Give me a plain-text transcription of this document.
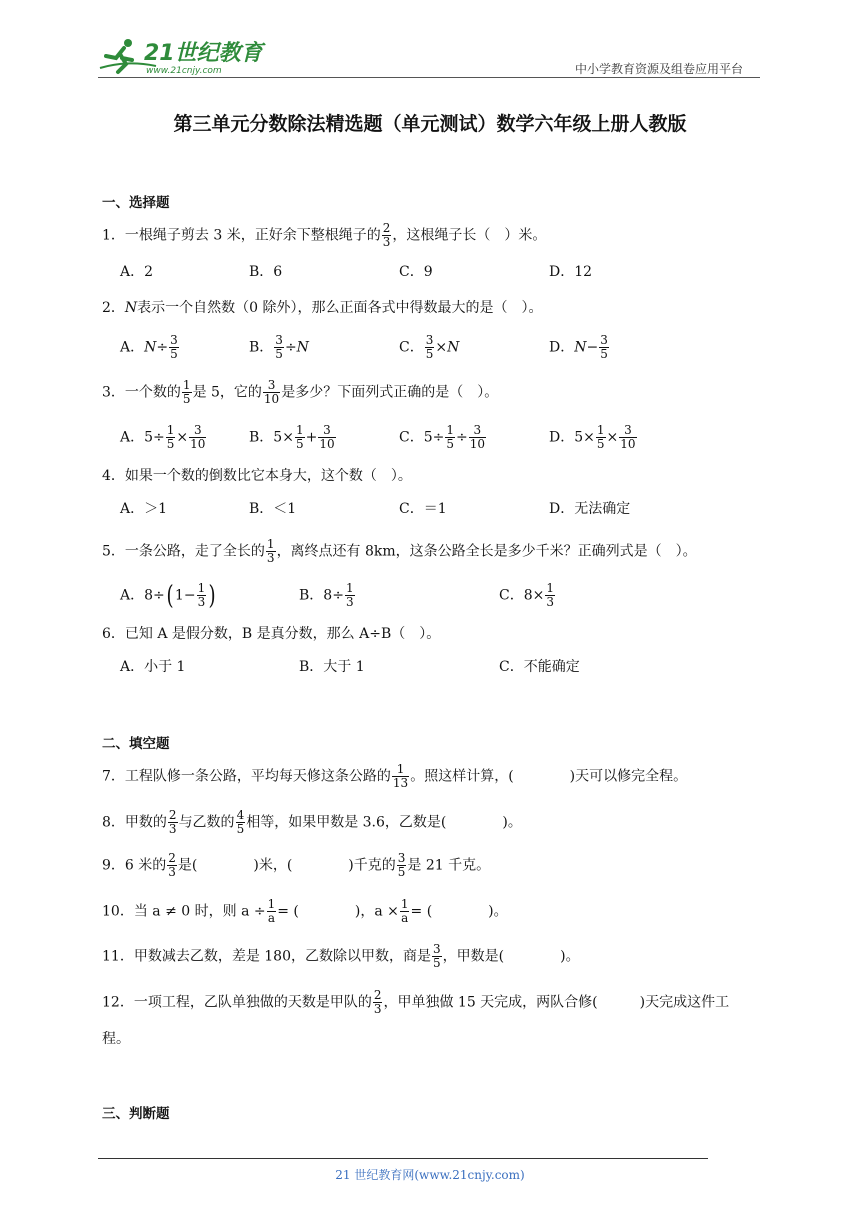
21世纪教育
www.21cnjy.com	中小学教育资源及组卷应用平台
第三单元分数除法精选题（单元测试）数学六年级上册人教版
一、选择题
1．一根绳子剪去 3 米，正好余下整根绳子的 $\frac{2}{3}$ ，这根绳子长（　）米。
A．2	B．6	C．9	D．12
2．N表示一个自然数（0 除外），那么正面各式中得数最大的是（　）。
A．$N\div \frac{3}{5}$	B． $\frac{3}{5} \div N$	C． $\frac{3}{5} \times N$	D．$N- \frac{3}{5}$
3．一个数的 $\frac{1}{5}$ 是 5，它的 $\frac{3}{10}$ 是多少？下面列式正确的是（　）。
A．$5\div \frac{1}{5} \times \frac{3}{10}$	B．$5\times \frac{1}{5} + \frac{3}{10}$	C．$5\div \frac{1}{5} \div \frac{3}{10}$	D．$5\times \frac{1}{5} \times \frac{3}{10}$
4．如果一个数的倒数比它本身大，这个数（　）。
A．＞1	B．＜1	C．＝1	D．无法确定
5．一条公路，走了全长的 $\frac{1}{3}$ ，离终点还有 8km，这条公路全长是多少千米？正确列式是（　）。
A．8÷( $1- \frac{1}{3}$ )	B．$8\div \frac{1}{3}$	C．$8\times \frac{1}{3}$
6．已知 A 是假分数，B 是真分数，那么 A÷B（　）。
A．小于 1	B．大于 1	C．不能确定
二、填空题
7．工程队修一条公路，平均每天修这条公路的 $\frac{1}{13}$ 。照这样计算，(　　　　)天可以修完全程。
8．甲数的 $\frac{2}{3}$ 与乙数的 $\frac{4}{5}$ 相等，如果甲数是 3.6，乙数是(　　　　)。
9．6 米的 $\frac{2}{3}$ 是(　　　　)米，(　　　　)千克的 $\frac{3}{5}$ 是 21 千克。
10．当 a ≠ 0 时，则 $a \div \frac{1}{a}$ = (　　　　)，$a \times \frac{1}{a}$ = (　　　　)。
11．甲数减去乙数，差是 180，乙数除以甲数，商是 $\frac{3}{5}$ ，甲数是(　　　　)。
12．一项工程，乙队单独做的天数是甲队的 $\frac{2}{3}$ ，甲单独做 15 天完成，两队合修(　　　)天完成这件工
程。
三、判断题
21 世纪教育网(www.21cnjy.com)
